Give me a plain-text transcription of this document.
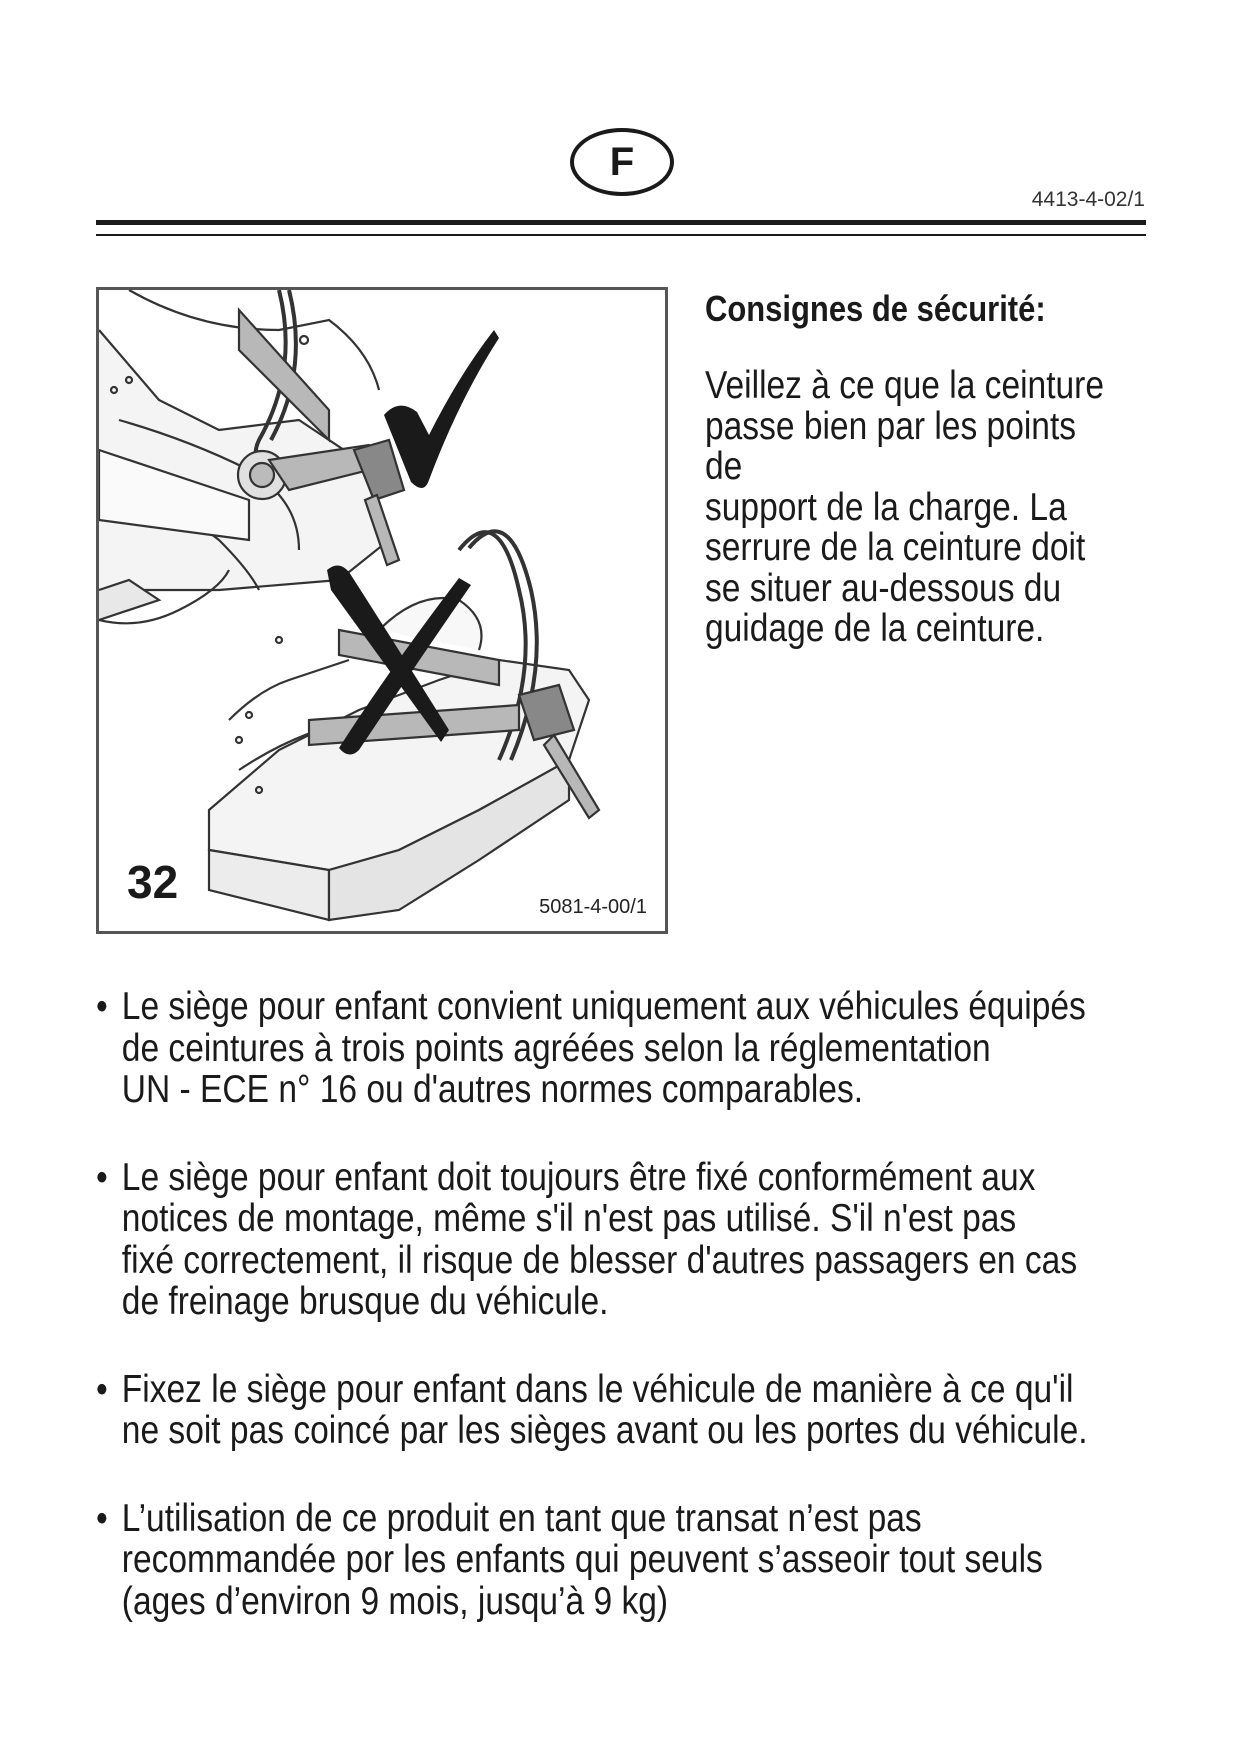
F
4413-4-02/1
32	5081-4-00/1
Consignes de sécurité:
Veillez à ce que la ceinture
passe bien par les points de
support de la charge. La
serrure de la ceinture doit
se situer au-dessous du
guidage de la ceinture.
• Le siège pour enfant convient uniquement aux véhicules équipés
de ceintures à trois points agréées selon la réglementation
UN - ECE n° 16 ou d'autres normes comparables.
• Le siège pour enfant doit toujours être fixé conformément aux
notices de montage, même s'il n'est pas utilisé. S'il n'est pas
fixé correctement, il risque de blesser d'autres passagers en cas
de freinage brusque du véhicule.
• Fixez le siège pour enfant dans le véhicule de manière à ce qu'il
ne soit pas coincé par les sièges avant ou les portes du véhicule.
• L’utilisation de ce produit en tant que transat n’est pas
recommandée por les enfants qui peuvent s’asseoir tout seuls
(ages d’environ 9 mois, jusqu’à 9 kg)
